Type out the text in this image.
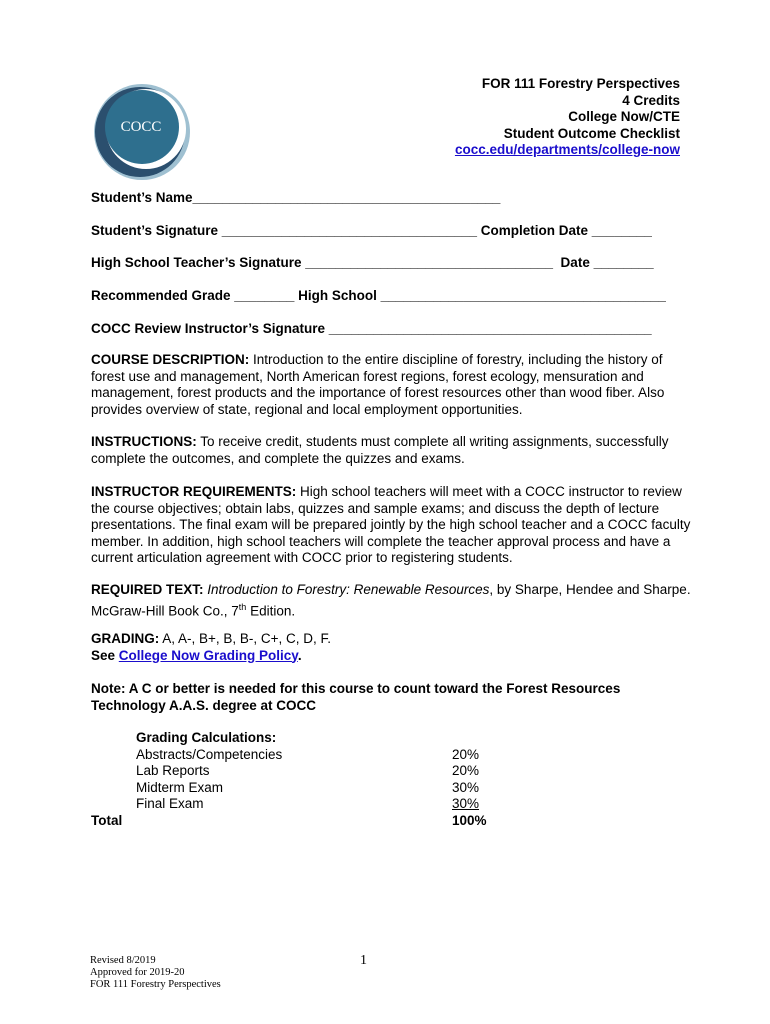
COCC
FOR 111 Forestry Perspectives
4 Credits
College Now/CTE
Student Outcome Checklist
cocc.edu/departments/college-now
Student’s Name_________________________________________
Student’s Signature __________________________________ Completion Date ________
High School Teacher’s Signature _________________________________  Date ________
Recommended Grade ________ High School ______________________________________
COCC Review Instructor’s Signature ___________________________________________
COURSE DESCRIPTION: Introduction to the entire discipline of forestry, including the history of forest use and management, North American forest regions, forest ecology, mensuration and management, forest products and the importance of forest resources other than wood fiber. Also provides overview of state, regional and local employment opportunities.
INSTRUCTIONS: To receive credit, students must complete all writing assignments, successfully complete the outcomes, and complete the quizzes and exams.
INSTRUCTOR REQUIREMENTS: High school teachers will meet with a COCC instructor to review the course objectives; obtain labs, quizzes and sample exams; and discuss the depth of lecture presentations. The final exam will be prepared jointly by the high school teacher and a COCC faculty member. In addition, high school teachers will complete the teacher approval process and have a current articulation agreement with COCC prior to registering students.
REQUIRED TEXT: Introduction to Forestry: Renewable Resources, by Sharpe, Hendee and Sharpe. McGraw-Hill Book Co., 7th Edition.
GRADING: A, A-, B+, B, B-, C+, C, D, F.
See College Now Grading Policy.
Note: A C or better is needed for this course to count toward the Forest Resources Technology A.A.S. degree at COCC
Grading Calculations:
Abstracts/Competencies	20%
Lab Reports	20%
Midterm Exam	30%
Final Exam	30%
Total	100%
Revised 8/2019
Approved for 2019-20
FOR 111 Forestry Perspectives
1
